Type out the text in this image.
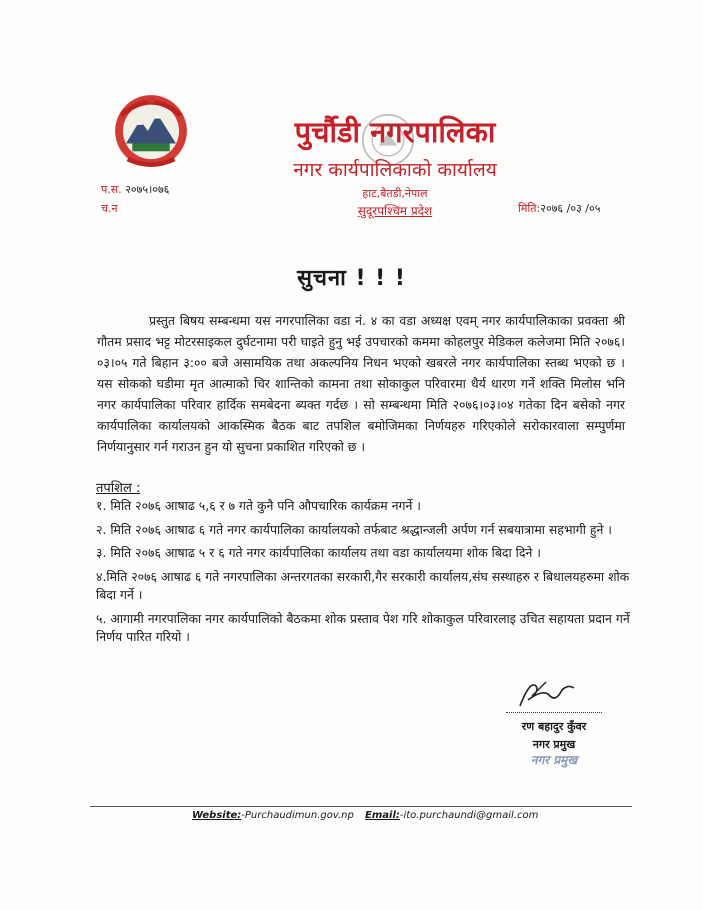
पुर्चौडी नगरपालिका
नगर कार्यपालिकाको कार्यालय
हाट,बैतडी,नेपाल
सुदूरपश्चिम प्रदेश
प.स. २०७५।०७६
च.न	मिति:२०७६ /०३ /०५
सुचना ! ! !

प्रस्तुत बिषय सम्बन्धमा यस नगरपालिका वडा नं. ४ का वडा अध्यक्ष एवम् नगर कार्यपालिकाका प्रवक्ता श्री गौतम प्रसाद भट्ट मोटरसाइकल दुर्घटनामा परी घाइते हुनु भई उपचारको कममा कोहलपुर मेडिकल कलेजमा मिति २०७६।०३।०५ गते बिहान ३:०० बजे असामयिक तथा अकल्पनिय निधन भएको खबरले नगर कार्यपालिका स्तब्ध भएको छ । यस सोकको घडीमा मृत आत्माको चिर शान्तिको कामना तथा सोकाकुल परिवारमा धैर्य धारण गर्ने शक्ति मिलोस भनि नगर कार्यपालिका परिवार हार्दिक समबेदना ब्यक्त गर्दछ । सो सम्बन्धमा मिति २०७६।०३।०४ गतेका दिन बसेको नगर कार्यपालिका कार्यालयको आकस्मिक बैठक बाट तपशिल बमोजिमका निर्णयहरु गरिएकोले सरोकारवाला सम्पुर्णमा निर्णयानुसार गर्न गराउन हुन यो सुचना प्रकाशित गरिएको छ ।

तपशिल :
१. मिति २०७६ आषाढ ५,६ र ७ गते कुनै पनि औपचारिक कार्यक्रम नगर्ने ।
२. मिति २०७६ आषाढ ६ गते नगर कार्यपालिका कार्यालयको तर्फबाट श्रद्धान्जली अर्पण गर्न सबयात्रामा सहभागी हुने ।
३. मिति २०७६ आषाढ ५ र ६ गते नगर कार्यपालिका कार्यालय तथा वडा कार्यालयमा शोक बिदा दिने ।
४.मिति २०७६ आषाढ ६ गते नगरपालिका अन्तरगतका सरकारी,गैर सरकारी कार्यालय,संघ सस्थाहरु र बिधालयहरुमा शोक बिदा गर्ने ।
५. आगामी नगरपालिका नगर कार्यपालिको बैठकमा शोक प्रस्ताव पेश गरि शोकाकुल परिवारलाइ उचित सहायता प्रदान गर्ने निर्णय पारित गरियो ।
रण बहादुर कुँवर
नगर प्रमुख
नगर प्रमुख
Website:-Purchaudimun.gov.np Email:-ito.purchaundi@gmail.com
